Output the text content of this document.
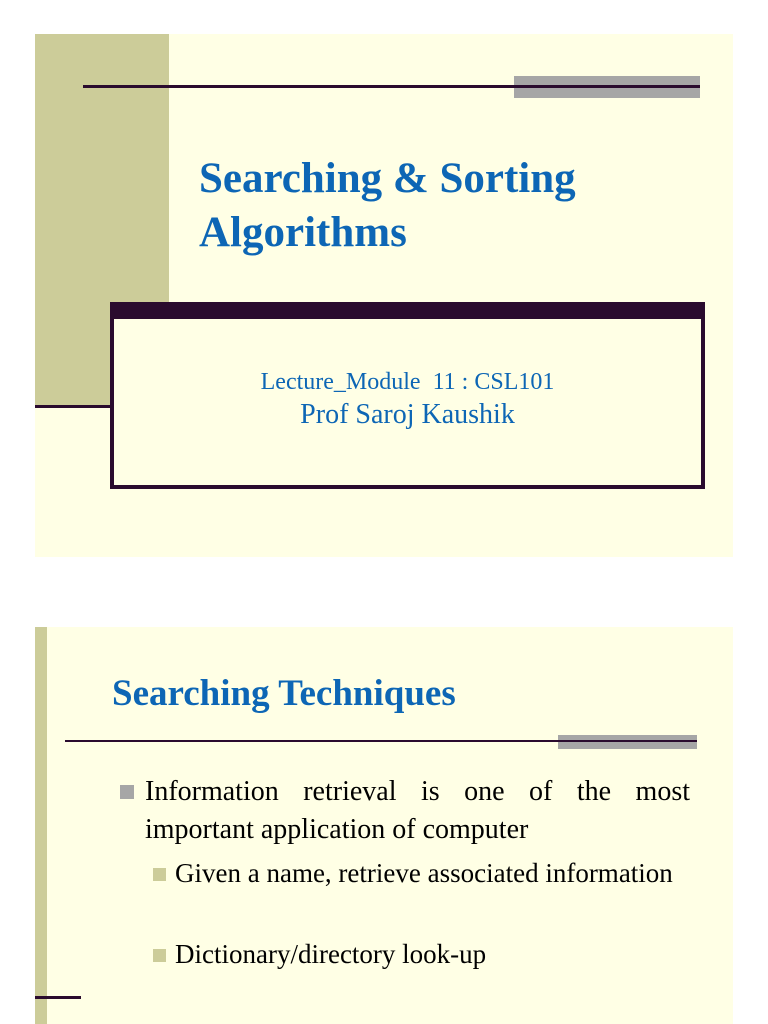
Searching & Sorting Algorithms
Lecture_Module  11 : CSL101
Prof Saroj Kaushik
Searching Techniques
Information retrieval is one of the most important application of computer
Given a name, retrieve associated information
Dictionary/directory look-up
